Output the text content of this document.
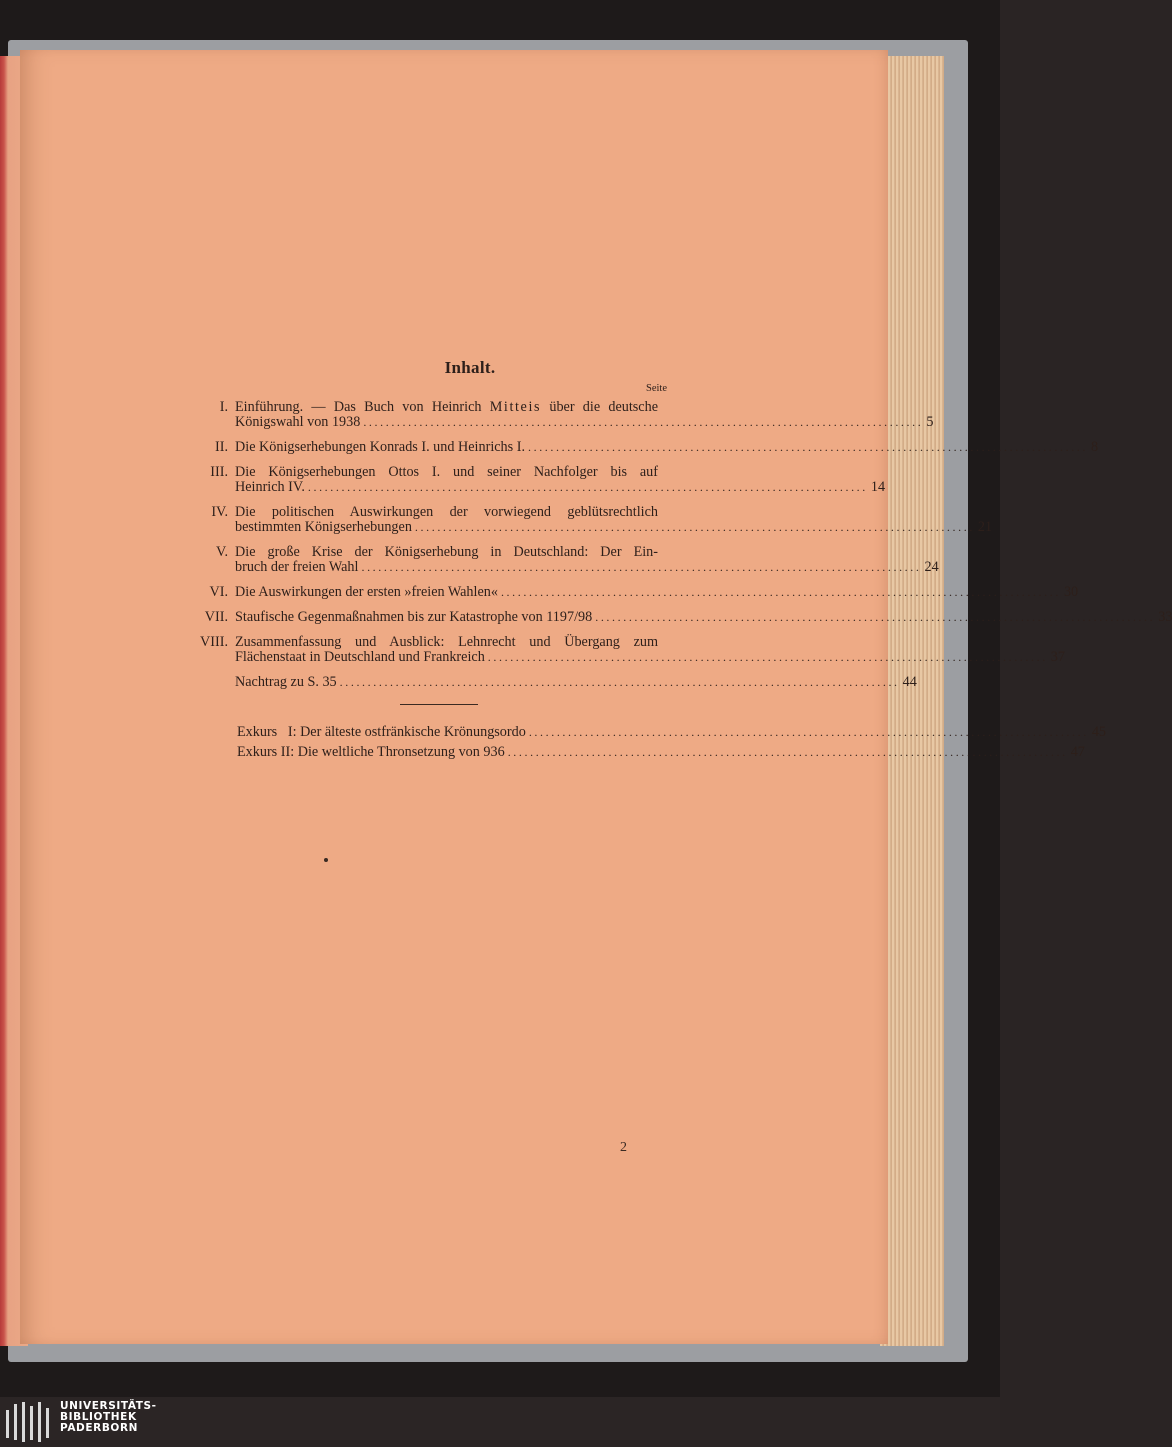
Inhalt.
Seite
I. Einführung. — Das Buch von Heinrich Mitteis über die deutsche
Königswahl von 1938 .................................................................................................... 5
II. Die Königserhebungen Konrads I. und Heinrichs I. .................................................................................................... 8
III. Die Königserhebungen Ottos I. und seiner Nachfolger bis auf
Heinrich IV. .................................................................................................... 14
IV. Die politischen Auswirkungen der vorwiegend geblütsrechtlich
bestimmten Königserhebungen .................................................................................................... 21
V. Die große Krise der Königserhebung in Deutschland: Der Ein-
bruch der freien Wahl .................................................................................................... 24
VI. Die Auswirkungen der ersten »freien Wahlen« .................................................................................................... 30
VII. Staufische Gegenmaßnahmen bis zur Katastrophe von 1197/98 .................................................................................................... 33
VIII. Zusammenfassung und Ausblick: Lehnrecht und Übergang zum
Flächenstaat in Deutschland und Frankreich .................................................................................................... 37
Nachtrag zu S. 35 .................................................................................................... 44
Exkurs I: Der älteste ostfränkische Krönungsordo .................................................................................................... 45
Exkurs II: Die weltliche Thronsetzung von 936 .................................................................................................... 47
2
UNIVERSITÄTS-
BIBLIOTHEK
PADERBORN
